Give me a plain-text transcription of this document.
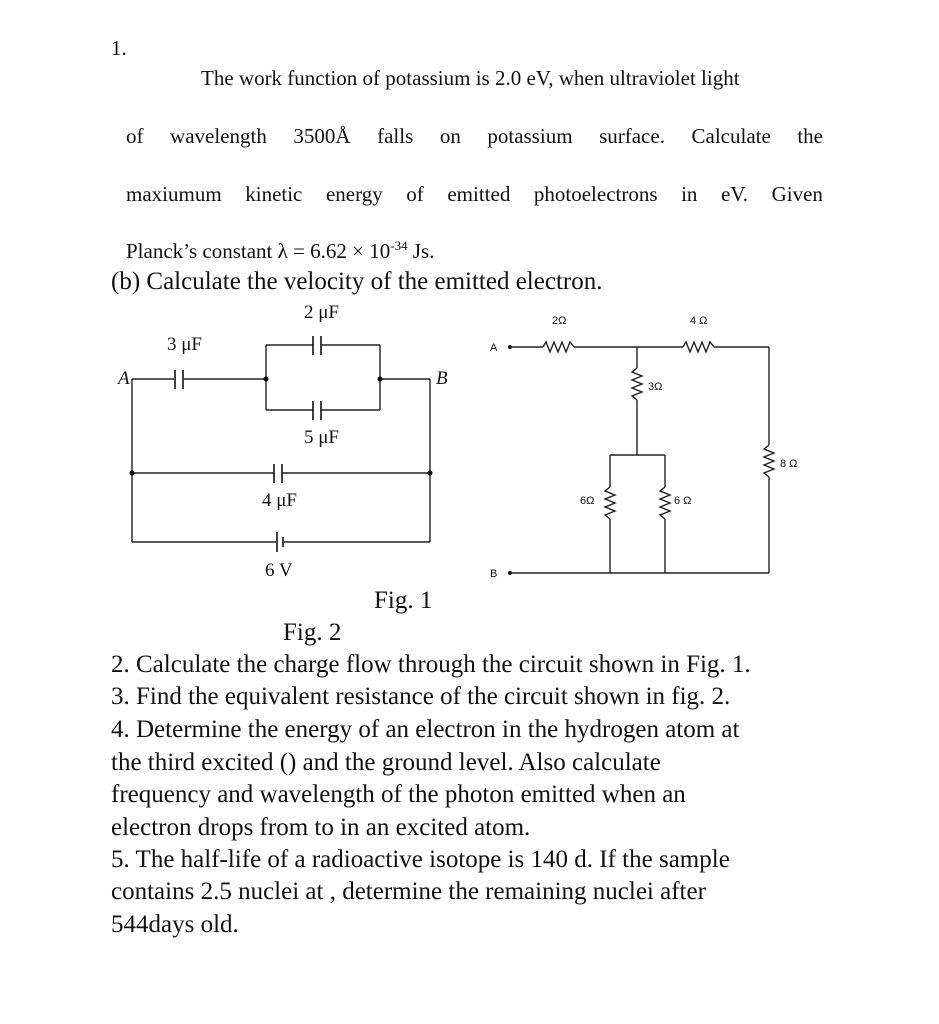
1.
The work function of potassium is 2.0 eV, when ultraviolet light
of wavelength 3500Å falls on potassium surface. Calculate the
maxiumum kinetic energy of emitted photoelectrons in eV. Given
Planck’s constant $\lambda = 6.62 \times 10^{-34}$ Js.
(b) Calculate the velocity of the emitted electron.
A	B
3 μF
2 μF
5 μF
4 μF
6 V
A
B
2Ω	4 Ω
3Ω
8 Ω
6Ω	6 Ω
Fig. 1
Fig. 2
2. Calculate the charge flow through the circuit shown in Fig. 1.
3. Find the equivalent resistance of the circuit shown in fig. 2.
4. Determine the energy of an electron in the hydrogen atom at
the third excited () and the ground level. Also calculate
frequency and wavelength of the photon emitted when an
electron drops from to in an excited atom.
5. The half-life of a radioactive isotope is 140 d. If the sample
contains 2.5 nuclei at , determine the remaining nuclei after
544days old.
